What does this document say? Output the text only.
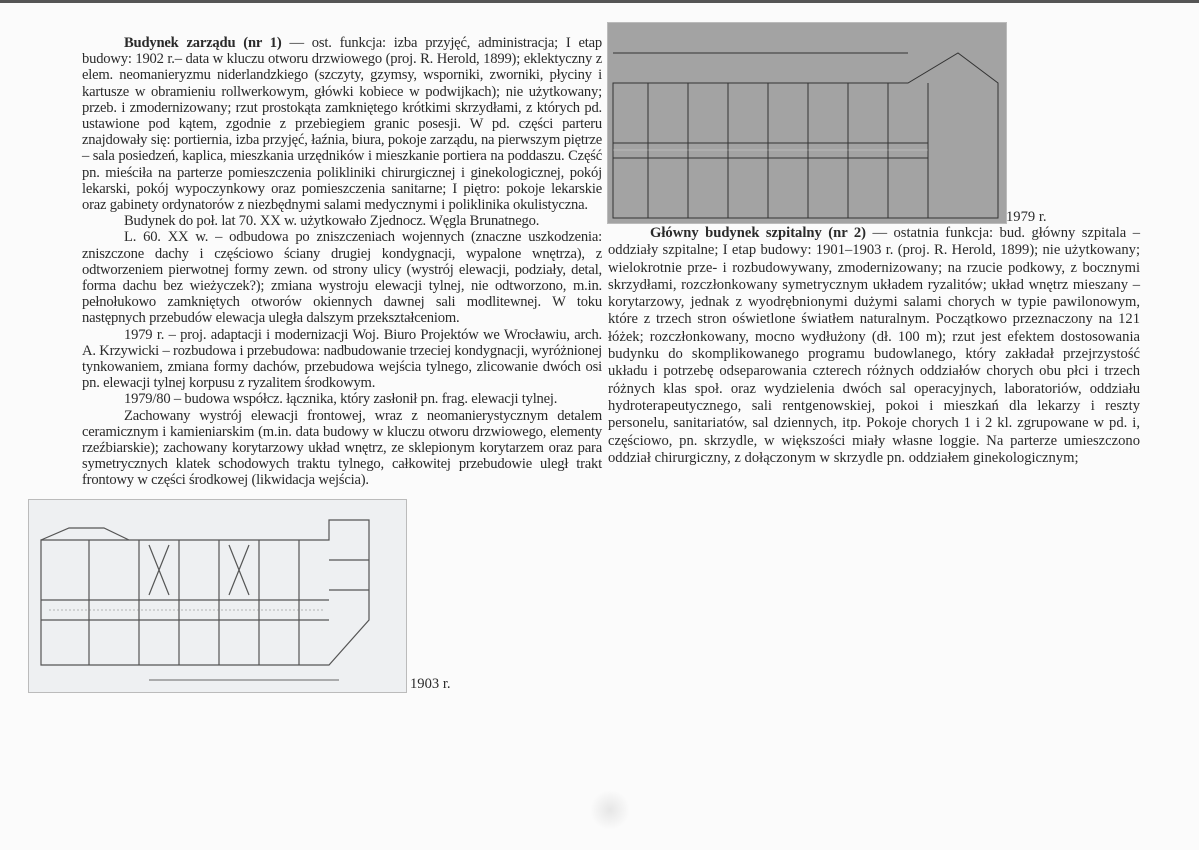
Budynek zarządu (nr 1) — ost. funkcja: izba przyjęć, administracja; I etap budowy: 1902 r.– data w kluczu otworu drzwiowego (proj. R. Herold, 1899); eklektyczny z elem. neomanieryzmu niderlandzkiego (szczyty, gzymsy, wsporniki, zworniki, płyciny i kartusze w obramieniu rollwerkowym, główki kobiece w podwijkach); nie użytkowany; przeb. i zmodernizowany; rzut prostokąta zamkniętego krótkimi skrzydłami, z których pd. ustawione pod kątem, zgodnie z przebiegiem granic posesji. W pd. części parteru znajdowały się: portiernia, izba przyjęć, łaźnia, biura, pokoje zarządu, na pierwszym piętrze – sala posiedzeń, kaplica, mieszkania urzędników i mieszkanie portiera na poddaszu. Część pn. mieściła na parterze pomieszczenia polikliniki chirurgicznej i ginekologicznej, pokój lekarski, pokój wypoczynkowy oraz pomieszczenia sanitarne; I piętro: pokoje lekarskie oraz gabinety ordynatorów z niezbędnymi salami medycznymi i poliklinika okulistyczna.

Budynek do poł. lat 70. XX w. użytkowało Zjednocz. Węgla Brunatnego.

L. 60. XX w. – odbudowa po zniszczeniach wojennych (znaczne uszkodzenia: zniszczone dachy i częściowo ściany drugiej kondygnacji, wypalone wnętrza), z odtworzeniem pierwotnej formy zewn. od strony ulicy (wystrój elewacji, podziały, detal, forma dachu bez wieżyczek?); zmiana wystroju elewacji tylnej, nie odtworzono, m.in. pełnołukowo zamkniętych otworów okiennych dawnej sali modlitewnej. W toku następnych przebudów elewacja uległa dalszym przekształceniom.

1979 r. – proj. adaptacji i modernizacji Woj. Biuro Projektów we Wrocławiu, arch. A. Krzywicki – rozbudowa i przebudowa: nadbudowanie trzeciej kondygnacji, wyróżnionej tynkowaniem, zmiana formy dachów, przebudowa wejścia tylnego, zlicowanie dwóch osi pn. elewacji tylnej korpusu z ryzalitem środkowym.

1979/80 – budowa współcz. łącznika, który zasłonił pn. frag. elewacji tylnej.

Zachowany wystrój elewacji frontowej, wraz z neomanierystycznym detalem ceramicznym i kamieniarskim (m.in. data budowy w kluczu otworu drzwiowego, elementy rzeźbiarskie); zachowany korytarzowy układ wnętrz, ze sklepionym korytarzem oraz para symetrycznych klatek schodowych traktu tylnego, całkowitej przebudowie uległ trakt frontowy w części środkowej (likwidacja wejścia).

1903 r.
1979 r.

Główny budynek szpitalny (nr 2) — ostatnia funkcja: bud. główny szpitala – oddziały szpitalne; I etap budowy: 1901–1903 r. (proj. R. Herold, 1899); nie użytkowany; wielokrotnie prze- i rozbudowywany, zmodernizowany; na rzucie podkowy, z bocznymi skrzydłami, rozczłonkowany symetrycznym układem ryzalitów; układ wnętrz mieszany – korytarzowy, jednak z wyodrębnionymi dużymi salami chorych w typie pawilonowym, które z trzech stron oświetlone światłem naturalnym. Początkowo przeznaczony na 121 łóżek; rozczłonkowany, mocno wydłużony (dł. 100 m); rzut jest efektem dostosowania budynku do skomplikowanego programu budowlanego, który zakładał przejrzystość układu i potrzebę odseparowania czterech różnych oddziałów chorych obu płci i trzech różnych klas społ. oraz wydzielenia dwóch sal operacyjnych, laboratoriów, oddziału hydroterapeutycznego, sali rentgenowskiej, pokoi i mieszkań dla lekarzy i reszty personelu, sanitariatów, sal dziennych, itp. Pokoje chorych 1 i 2 kl. zgrupowane w pd. i, częściowo, pn. skrzydle, w większości miały własne loggie. Na parterze umieszczono oddział chirurgiczny, z dołączonym w skrzydle pn. oddziałem ginekologicznym;
